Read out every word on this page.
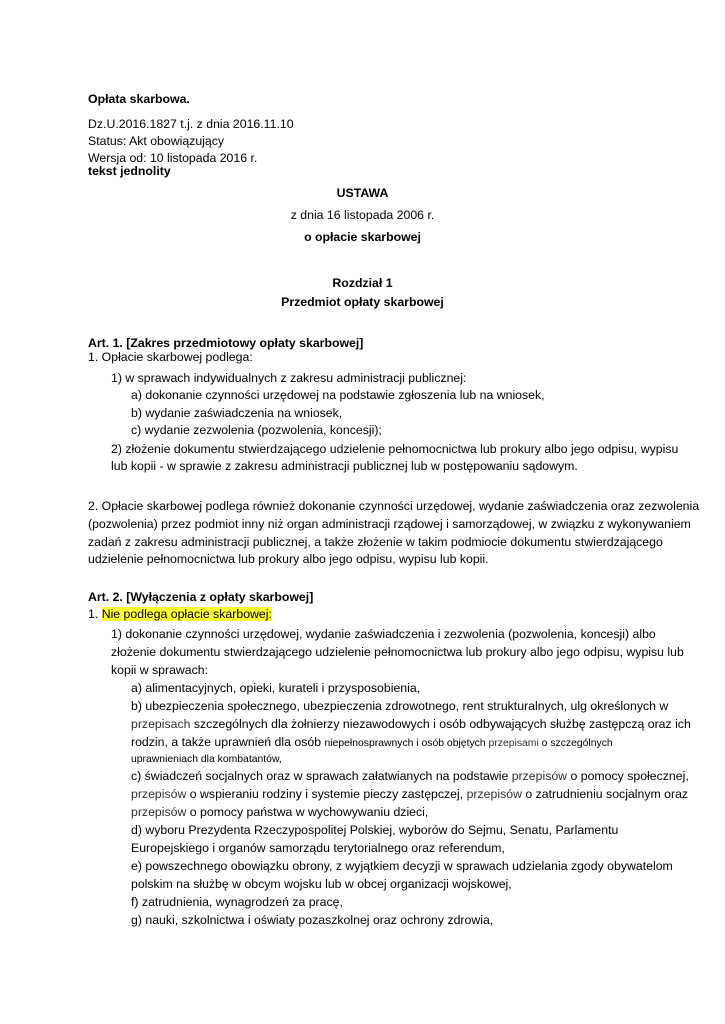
Opłata skarbowa.
Dz.U.2016.1827 t.j. z dnia 2016.11.10
Status: Akt obowiązujący
Wersja od: 10 listopada 2016 r.
tekst jednolity
USTAWA
z dnia 16 listopada 2006 r.
o opłacie skarbowej
Rozdział 1
Przedmiot opłaty skarbowej
Art. 1. [Zakres przedmiotowy opłaty skarbowej]
1. Opłacie skarbowej podlega:
1) w sprawach indywidualnych z zakresu administracji publicznej:
a) dokonanie czynności urzędowej na podstawie zgłoszenia lub na wniosek,
b) wydanie zaświadczenia na wniosek,
c) wydanie zezwolenia (pozwolenia, koncesji);
2) złożenie dokumentu stwierdzającego udzielenie pełnomocnictwa lub prokury albo jego odpisu, wypisu
lub kopii - w sprawie z zakresu administracji publicznej lub w postępowaniu sądowym.
2. Opłacie skarbowej podlega również dokonanie czynności urzędowej, wydanie zaświadczenia oraz zezwolenia
(pozwolenia) przez podmiot inny niż organ administracji rządowej i samorządowej, w związku z wykonywaniem
zadań z zakresu administracji publicznej, a także złożenie w takim podmiocie dokumentu stwierdzającego
udzielenie pełnomocnictwa lub prokury albo jego odpisu, wypisu lub kopii.
Art. 2. [Wyłączenia z opłaty skarbowej]
1. Nie podlega opłacie skarbowej:
1) dokonanie czynności urzędowej, wydanie zaświadczenia i zezwolenia (pozwolenia, koncesji) albo
złożenie dokumentu stwierdzającego udzielenie pełnomocnictwa lub prokury albo jego odpisu, wypisu lub
kopii w sprawach:
a) alimentacyjnych, opieki, kurateli i przysposobienia,
b) ubezpieczenia społecznego, ubezpieczenia zdrowotnego, rent strukturalnych, ulg określonych w
przepisach szczególnych dla żołnierzy niezawodowych i osób odbywających służbę zastępczą oraz ich
rodzin, a także uprawnień dla osób niepełnosprawnych i osób objętych przepisami o szczególnych
uprawnieniach dla kombatantów,
c) świadczeń socjalnych oraz w sprawach załatwianych na podstawie przepisów o pomocy społecznej,
przepisów o wspieraniu rodziny i systemie pieczy zastępczej, przepisów o zatrudnieniu socjalnym oraz
przepisów o pomocy państwa w wychowywaniu dzieci,
d) wyboru Prezydenta Rzeczypospolitej Polskiej, wyborów do Sejmu, Senatu, Parlamentu
Europejskiego i organów samorządu terytorialnego oraz referendum,
e) powszechnego obowiązku obrony, z wyjątkiem decyzji w sprawach udzielania zgody obywatelom
polskim na służbę w obcym wojsku lub w obcej organizacji wojskowej,
f) zatrudnienia, wynagrodzeń za pracę,
g) nauki, szkolnictwa i oświaty pozaszkolnej oraz ochrony zdrowia,
